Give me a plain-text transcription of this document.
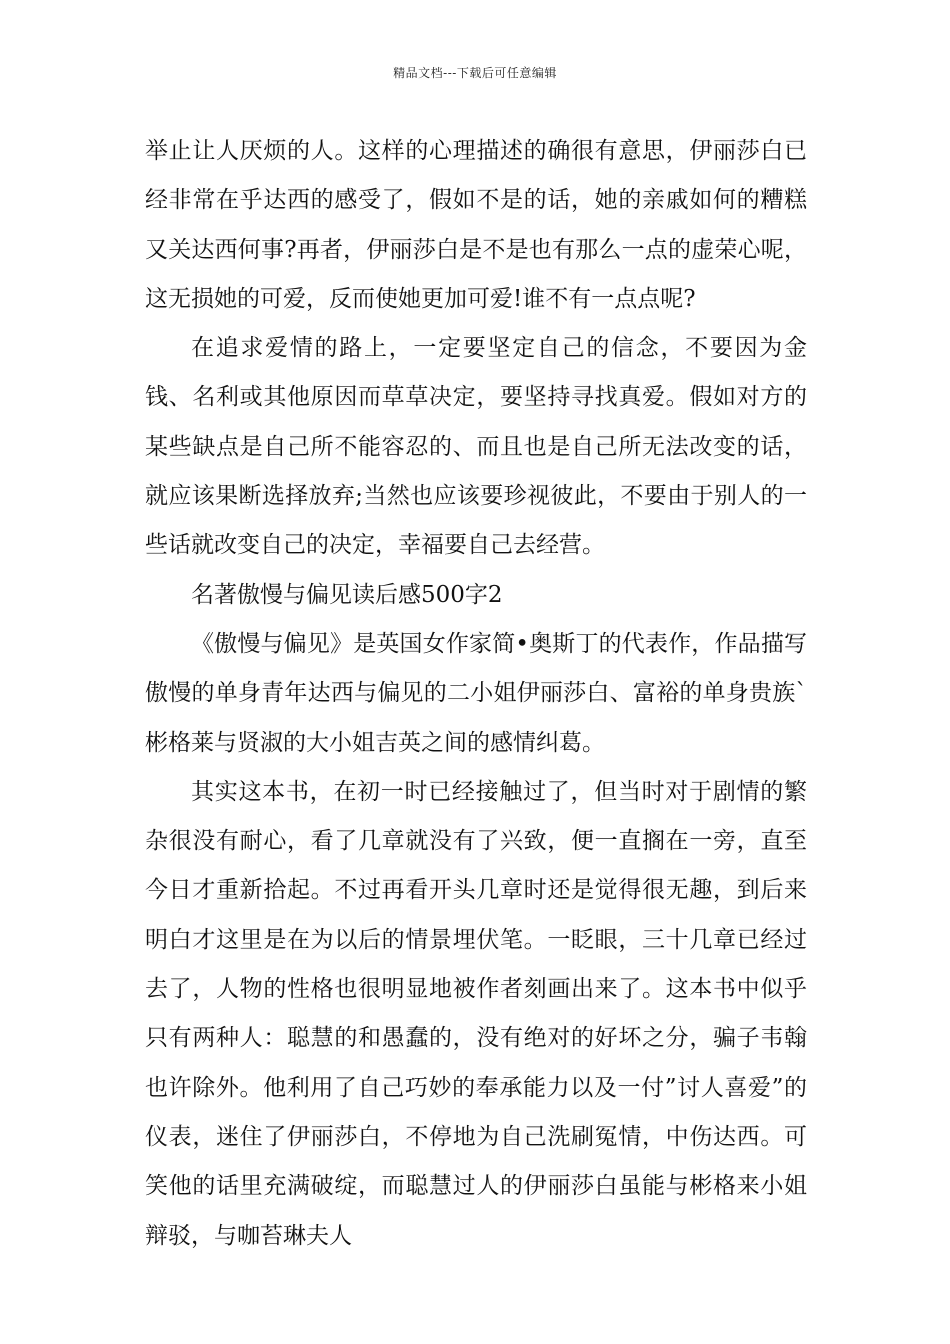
精品文档---下载后可任意编辑

举止让人厌烦的人。这样的心理描述的确很有意思，伊丽莎白已经非常在乎达西的感受了，假如不是的话，她的亲戚如何的糟糕又关达西何事?再者，伊丽莎白是不是也有那么一点的虚荣心呢，这无损她的可爱，反而使她更加可爱!谁不有一点点呢?

在追求爱情的路上，一定要坚定自己的信念，不要因为金钱、名利或其他原因而草草决定，要坚持寻找真爱。假如对方的某些缺点是自己所不能容忍的、而且也是自己所无法改变的话，就应该果断选择放弃;当然也应该要珍视彼此，不要由于别人的一些话就改变自己的决定，幸福要自己去经营。

名著傲慢与偏见读后感500字2

《傲慢与偏见》是英国女作家简•奥斯丁的代表作，作品描写傲慢的单身青年达西与偏见的二小姐伊丽莎白、富裕的单身贵族`彬格莱与贤淑的大小姐吉英之间的感情纠葛。

其实这本书，在初一时已经接触过了，但当时对于剧情的繁杂很没有耐心，看了几章就没有了兴致，便一直搁在一旁，直至今日才重新拾起。不过再看开头几章时还是觉得很无趣，到后来明白才这里是在为以后的情景埋伏笔。一眨眼，三十几章已经过去了，人物的性格也很明显地被作者刻画出来了。这本书中似乎只有两种人：聪慧的和愚蠢的，没有绝对的好坏之分，骗子韦翰也许除外。他利用了自己巧妙的奉承能力以及一付”讨人喜爱”的仪表，迷住了伊丽莎白，不停地为自己洗刷冤情，中伤达西。可笑他的话里充满破绽，而聪慧过人的伊丽莎白虽能与彬格来小姐辩驳，与咖苔琳夫人
